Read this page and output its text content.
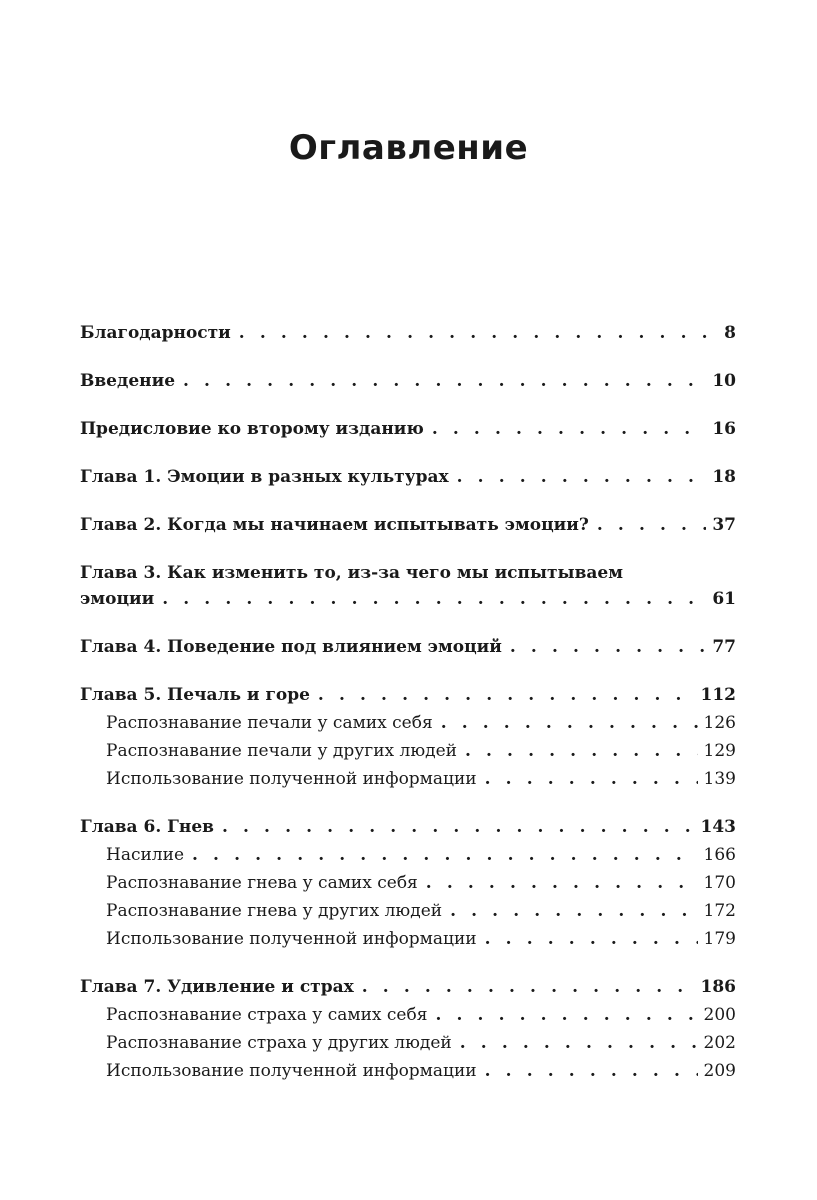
Оглавление
Благодарности . . .	8
Введение . . .	10
Предисловие ко второму изданию . . .	16
Глава 1. Эмоции в разных культурах . . .	18
Глава 2. Когда мы начинаем испытывать эмоции? . . .	37
Глава 3. Как изменить то, из-за чего мы испытываем
эмоции . . .	61
Глава 4. Поведение под влиянием эмоций . . .	77
Глава 5. Печаль и горе . . .	112
Распознавание печали у самих себя . . .	126
Распознавание печали у других людей . . .	129
Использование полученной информации . . .	139
Глава 6. Гнев . . .	143
Насилие . . .	166
Распознавание гнева у самих себя . . .	170
Распознавание гнева у других людей . . .	172
Использование полученной информации . . .	179
Глава 7. Удивление и страх . . .	186
Распознавание страха у самих себя . . .	200
Распознавание страха у других людей . . .	202
Использование полученной информации . . .	209
